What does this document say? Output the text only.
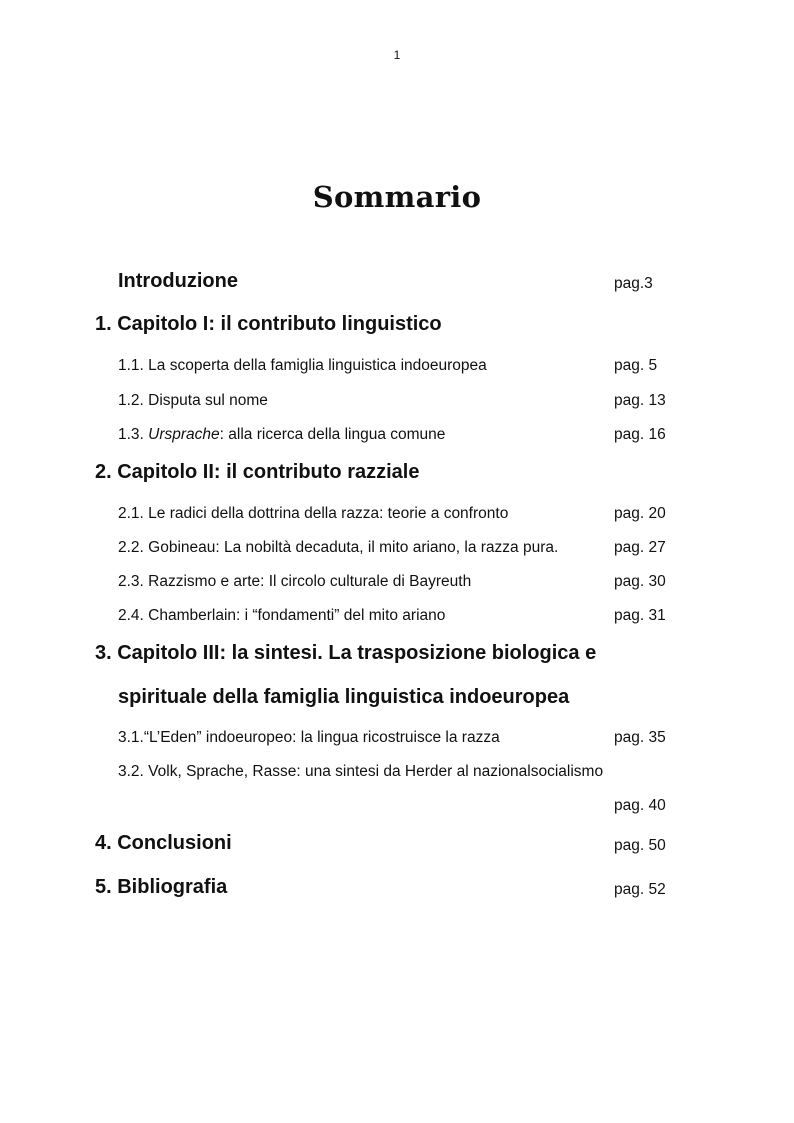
1
Sommario
Introduzione	pag.3
1. Capitolo I: il contributo linguistico
1.1. La scoperta della famiglia linguistica indoeuropea	pag. 5
1.2. Disputa sul nome	pag. 13
1.3. Ursprache: alla ricerca della lingua comune	pag. 16
2. Capitolo II: il contributo razziale
2.1. Le radici della dottrina della razza: teorie a confronto	pag. 20
2.2. Gobineau: La nobiltà decaduta, il mito ariano, la razza pura.	pag. 27
2.3. Razzismo e arte: Il circolo culturale di Bayreuth	pag. 30
2.4. Chamberlain: i “fondamenti” del mito ariano	pag. 31
3. Capitolo III: la sintesi. La trasposizione biologica e
spirituale della famiglia linguistica indoeuropea
3.1.“L’Eden” indoeuropeo: la lingua ricostruisce la razza	pag. 35
3.2. Volk, Sprache, Rasse: una sintesi da Herder al nazionalsocialismo
pag. 40
4. Conclusioni	pag. 50
5. Bibliografia	pag. 52
